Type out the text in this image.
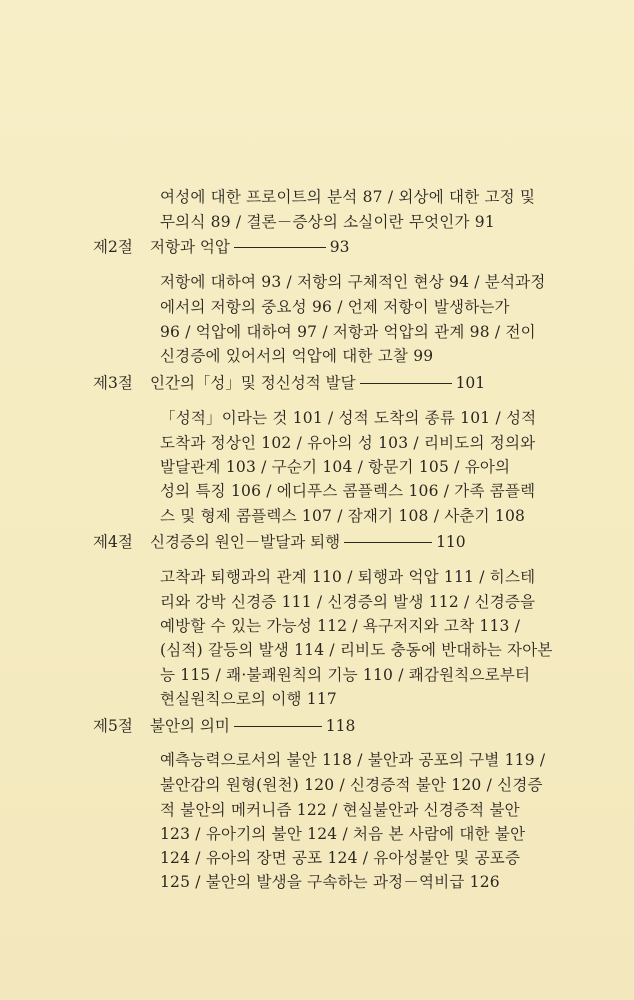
여성에 대한 프로이트의 분석 87 / 외상에 대한 고정 및
무의식 89 / 결론－증상의 소실이란 무엇인가 91
제2절 저항과 억압	93
저항에 대하여 93 / 저항의 구체적인 현상 94 / 분석과정
에서의 저항의 중요성 96 / 언제 저항이 발생하는가
96 / 억압에 대하여 97 / 저항과 억압의 관계 98 / 전이
신경증에 있어서의 억압에 대한 고찰 99
제3절 인간의「성」및 정신성적 발달	101
「성적」이라는 것 101 / 성적 도착의 종류 101 / 성적
도착과 정상인 102 / 유아의 성 103 / 리비도의 정의와
발달관계 103 / 구순기 104 / 항문기 105 / 유아의
성의 특징 106 / 에디푸스 콤플렉스 106 / 가족 콤플렉
스 및 형제 콤플렉스 107 / 잠재기 108 / 사춘기 108
제4절 신경증의 원인－발달과 퇴행	110
고착과 퇴행과의 관계 110 / 퇴행과 억압 111 / 히스테
리와 강박 신경증 111 / 신경증의 발생 112 / 신경증을
예방할 수 있는 가능성 112 / 욕구저지와 고착 113 /
(심적) 갈등의 발생 114 / 리비도 충동에 반대하는 자아본
능 115 / 쾌·불쾌원칙의 기능 110 / 쾌감원칙으로부터
현실원칙으로의 이행 117
제5절 불안의 의미	118
예측능력으로서의 불안 118 / 불안과 공포의 구별 119 /
불안감의 원형(원천) 120 / 신경증적 불안 120 / 신경증
적 불안의 메커니즘 122 / 현실불안과 신경증적 불안
123 / 유아기의 불안 124 / 처음 본 사람에 대한 불안
124 / 유아의 장면 공포 124 / 유아성불안 및 공포증
125 / 불안의 발생을 구속하는 과정－역비급 126
